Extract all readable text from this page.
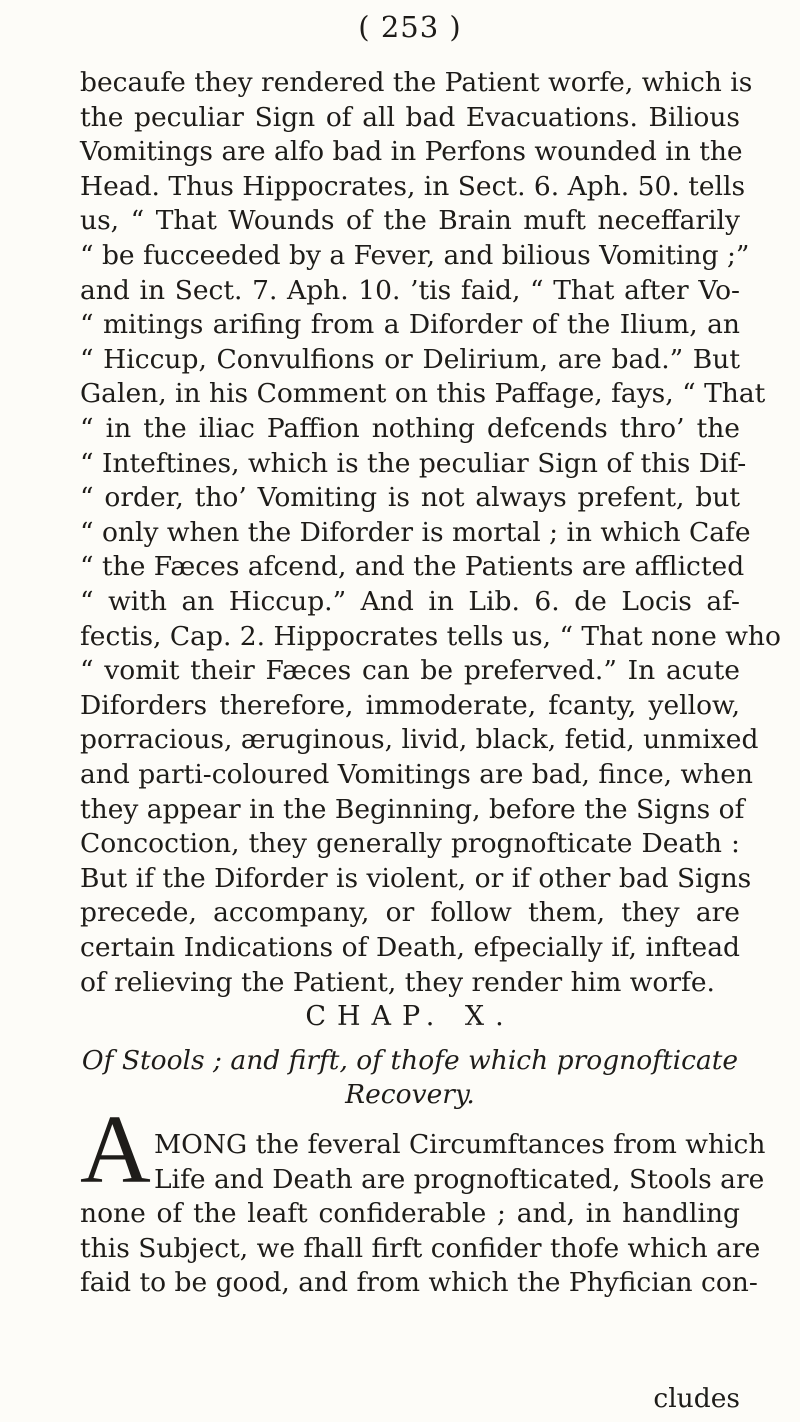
( 253 )
becaufe they rendered the Patient worfe, which is
the peculiar Sign of all bad Evacuations. Bilious
Vomitings are alfo bad in Perfons wounded in the
Head. Thus Hippocrates, in Sect. 6. Aph. 50. tells
us, “ That Wounds of the Brain muft neceffarily
“ be fucceeded by a Fever, and bilious Vomiting ;”
and in Sect. 7. Aph. 10. ’tis faid, “ That after Vo-
“ mitings arifing from a Diforder of the Ilium, an
“ Hiccup, Convulfions or Delirium, are bad.” But
Galen, in his Comment on this Paffage, fays, “ That
“ in the iliac Paffion nothing defcends thro’ the
“ Inteftines, which is the peculiar Sign of this Dif-
“ order, tho’ Vomiting is not always prefent, but
“ only when the Diforder is mortal ; in which Cafe
“ the Fæces afcend, and the Patients are afflicted
“ with an Hiccup.” And in Lib. 6. de Locis af-
fectis, Cap. 2. Hippocrates tells us, “ That none who
“ vomit their Fæces can be preferved.” In acute
Diforders therefore, immoderate, fcanty, yellow,
porracious, æruginous, livid, black, fetid, unmixed
and parti-coloured Vomitings are bad, fince, when
they appear in the Beginning, before the Signs of
Concoction, they generally prognofticate Death :
But if the Diforder is violent, or if other bad Signs
precede, accompany, or follow them, they are
certain Indications of Death, efpecially if, inftead
of relieving the Patient, they render him worfe.
CHAP. X.
Of Stools ; and firft, of thofe which prognofticate
Recovery.
A MONG the feveral Circumftances from which
Life and Death are prognofticated, Stools are
none of the leaft confiderable ; and, in handling
this Subject, we fhall firft confider thofe which are
faid to be good, and from which the Phyfician con-
cludes
